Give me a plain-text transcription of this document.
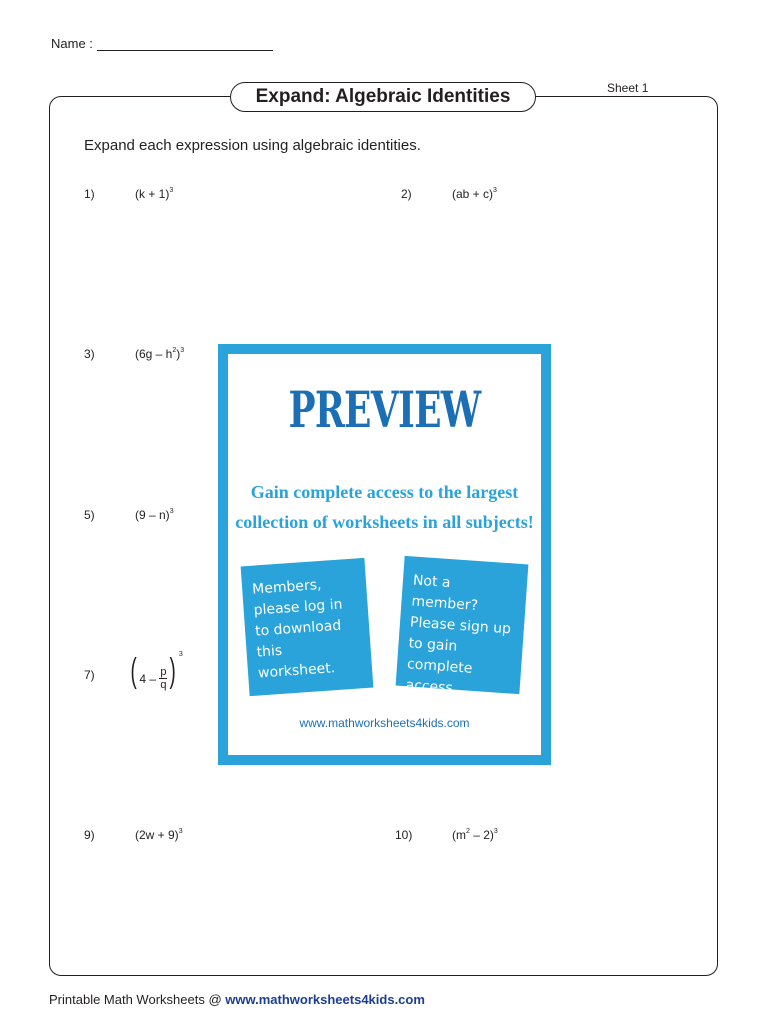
Name :
Expand: Algebraic Identities	Sheet 1
Expand each expression using algebraic identities.
1)	$(k + 1)^3$	2)	(ab + c)$^3$
3)	$(6g - h^2)^3$
5)	(9 – n)$^3$
7) ( $4 - \frac{p}{q}$ ) $^3$
9)	$(2w + 9)^3$	10)	$(m^2 - 2)^3$
PREVIEW
Gain complete access to the largest
collection of worksheets in all subjects!
Members, please log in to download this worksheet.
Not a member? Please sign up to gain complete access.
www.mathworksheets4kids.com
Printable Math Worksheets @ www.mathworksheets4kids.com
